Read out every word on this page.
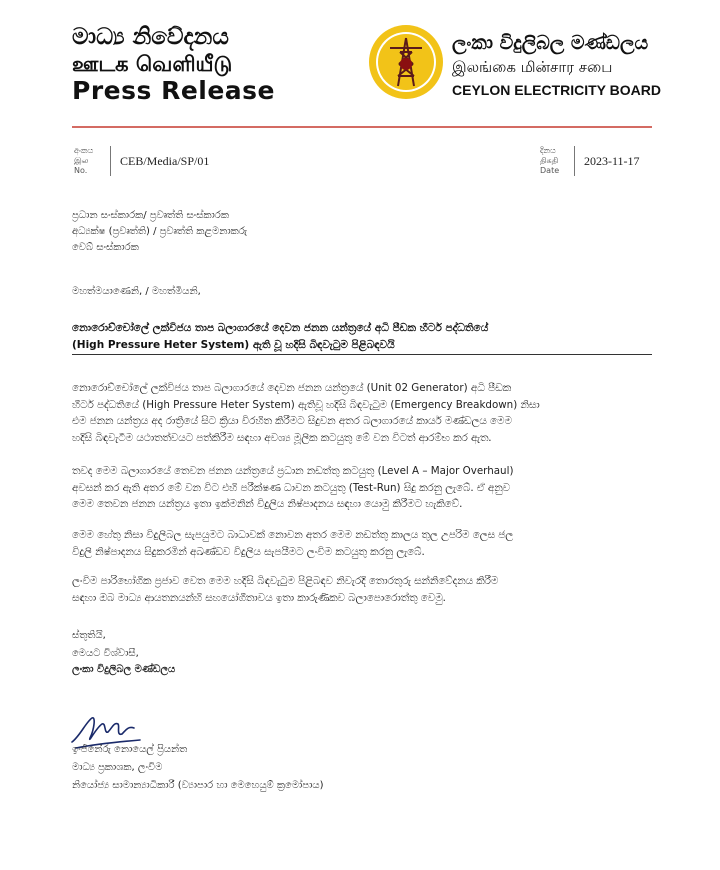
මාධ්‍ය නිවේදනය
ஊடக வெளியீடு
Press Release
ලංකා විදුලිබල මණ්ඩලය
இலங்கை மின்சார சபை
CEYLON ELECTRICITY BOARD
අංකය
இல
No.
CEB/Media/SP/01
දිනය
திகதி
Date
2023-11-17
ප්‍රධාන සංස්කාරක/ ප්‍රවෘත්ති සංස්කාරක
අධ්‍යක්ෂ (ප්‍රවෘත්ති) / ප්‍රවෘත්ති කළමනාකරු
වෙබ් සංස්කාරක
මහත්මයාණෙනි, / මහත්මියනි,
නොරොච්චෝලේ ලක්විජය තාප බලාගාරයේ දෙවන ජනන යන්ත්‍රයේ අධි පීඩක හීටර් පද්ධතියේ
(High Pressure Heter System) ඇති වූ හදිසි බිඳවැටුම පිළිබඳවයි
නොරොච්චෝලේ ලක්විජය තාප බලාගාරයේ දෙවන ජනන යන්ත්‍රයේ (Unit 02 Generator) අධි පීඩක
හීටර් පද්ධතියේ (High Pressure Heter System) ඇතිවූ හදිසි බිඳවැටුම (Emergency Breakdown) නිසා
එම ජනන යන්ත්‍රය අද රාත්‍රියේ සිට ක්‍රියා විරහිත කිරීමට සිදුවන අතර බලාගාරයේ කාර්ය මණ්ඩලය මෙම
හදිසි බිඳවැටීම යථාතත්වයට පත්කිරීම සඳහා අවශ්‍ය මූලික කටයුතු මේ වන විටත් ආරම්භ කර ඇත.
තවද මෙම බලාගාරයේ තෙවන ජනන යන්ත්‍රයේ ප්‍රධාන නඩත්තු කටයුතු (Level A – Major Overhaul)
අවසන් කර ඇති අතර මේ වන විට එහි පරීක්ෂණ ධාවන කටයුතු (Test-Run) සිදු කරනු ලැබේ. ඒ අනුව
මෙම තෙවන ජනන යන්ත්‍රය ඉතා ඉක්මනින් විදුලිය නිෂ්පාදනය සඳහා යොමු කිරීමට හැකිවේ.
මෙම හේතු නිසා විදුලිබල සැපයුමට බාධාවක් නොවන අතර මෙම නඩත්තු කාලය තුල උපරිම ලෙස ජල
විදුලි නිෂ්පාදනය සිදුකරමින් අඛණ්ඩව විදුලිය සැපයීමට ලංවිම කටයුතු කරනු ලැබේ.
ලංවිම පාරිභෝගික ප්‍රජාව වෙත මෙම හදිසි බිඳවැටුම පිළිබඳව නිවැරදි තොරතුරු සන්නිවේදනය කිරීම
සඳහා ඔබ මාධ්‍ය ආයතනයන්හි සහයෝගීතාවය ඉතා කාරුණිකව බලාපොරොත්තු වෙමු.
ස්තුතියි,
මෙයට විශ්වාසී,
ලංකා විදුලිබල මණ්ඩලය
ඉංජිනේරු නොයෙල් ප්‍රියන්ත
මාධ්‍ය ප්‍රකාශක, ලංවිම
නියෝජ්‍ය සාමාන්‍යාධිකාරී (ව්‍යාපාර හා මෙහෙයුම් ක්‍රමෝපාය)
